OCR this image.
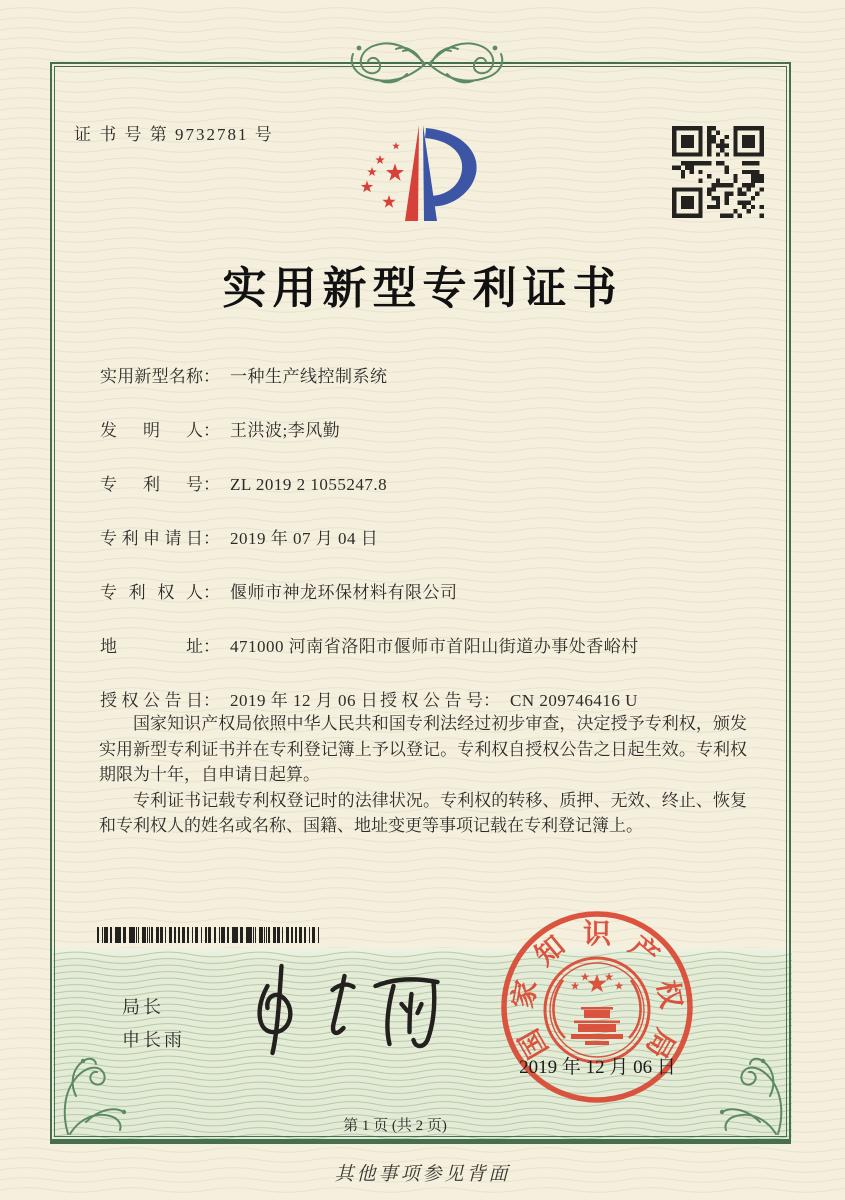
证 书 号 第 9732781 号
实用新型专利证书
实用新型名称： 一种生产线控制系统
发明人： 王洪波;李风勤
专利号： ZL 2019 2 1055247.8
专利申请日： 2019 年 07 月 04 日
专利权人： 偃师市神龙环保材料有限公司
地址： 471000 河南省洛阳市偃师市首阳山街道办事处香峪村
授权公告日： 2019 年 12 月 06 日 授权公告号： CN 209746416 U

国家知识产权局依照中华人民共和国专利法经过初步审查，决定授予专利权，颁发实用新型专利证书并在专利登记簿上予以登记。专利权自授权公告之日起生效。专利权期限为十年，自申请日起算。

专利证书记载专利权登记时的法律状况。专利权的转移、质押、无效、终止、恢复和专利权人的姓名或名称、国籍、地址变更等事项记载在专利登记簿上。

局长
申长雨	国
家
知 识 产
权
局
2019 年 12 月 06 日
第 1 页 (共 2 页)
其他事项参见背面
